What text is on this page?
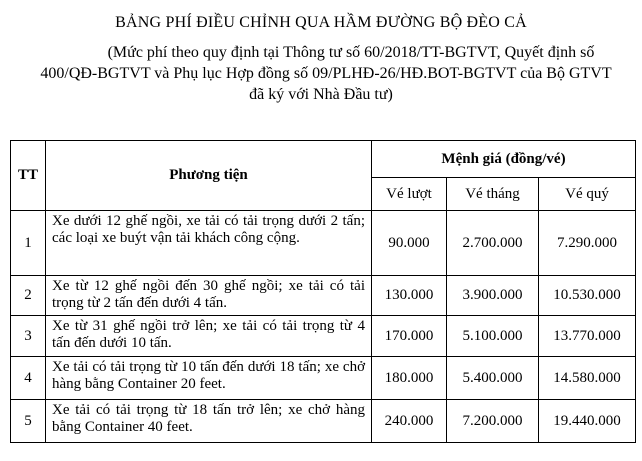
BẢNG PHÍ ĐIỀU CHỈNH QUA HẦM ĐƯỜNG BỘ ĐÈO CẢ
(Mức phí theo quy định tại Thông tư số 60/2018/TT-BGTVT, Quyết định số
400/QĐ-BGTVT và Phụ lục Hợp đồng số 09/PLHĐ-26/HĐ.BOT-BGTVT của Bộ GTVT
đã ký với Nhà Đầu tư)
TT	Phương tiện	Mệnh giá (đồng/vé)		
		Vé lượt	Vé tháng	Vé quý
1	Xe dưới 12 ghế ngồi, xe tải có tải trọng dưới 2 tấn; các loại xe buýt vận tải khách công cộng.	90.000	2.700.000	7.290.000
2	Xe từ 12 ghế ngồi đến 30 ghế ngồi; xe tải có tải trọng từ 2 tấn đến dưới 4 tấn.	130.000	3.900.000	10.530.000
3	Xe từ 31 ghế ngồi trở lên; xe tải có tải trọng từ 4 tấn đến dưới 10 tấn.	170.000	5.100.000	13.770.000
4	Xe tải có tải trọng từ 10 tấn đến dưới 18 tấn; xe chở hàng bằng Container 20 feet.	180.000	5.400.000	14.580.000
5	Xe tải có tải trọng từ 18 tấn trở lên; xe chở hàng bằng Container 40 feet.	240.000	7.200.000	19.440.000
